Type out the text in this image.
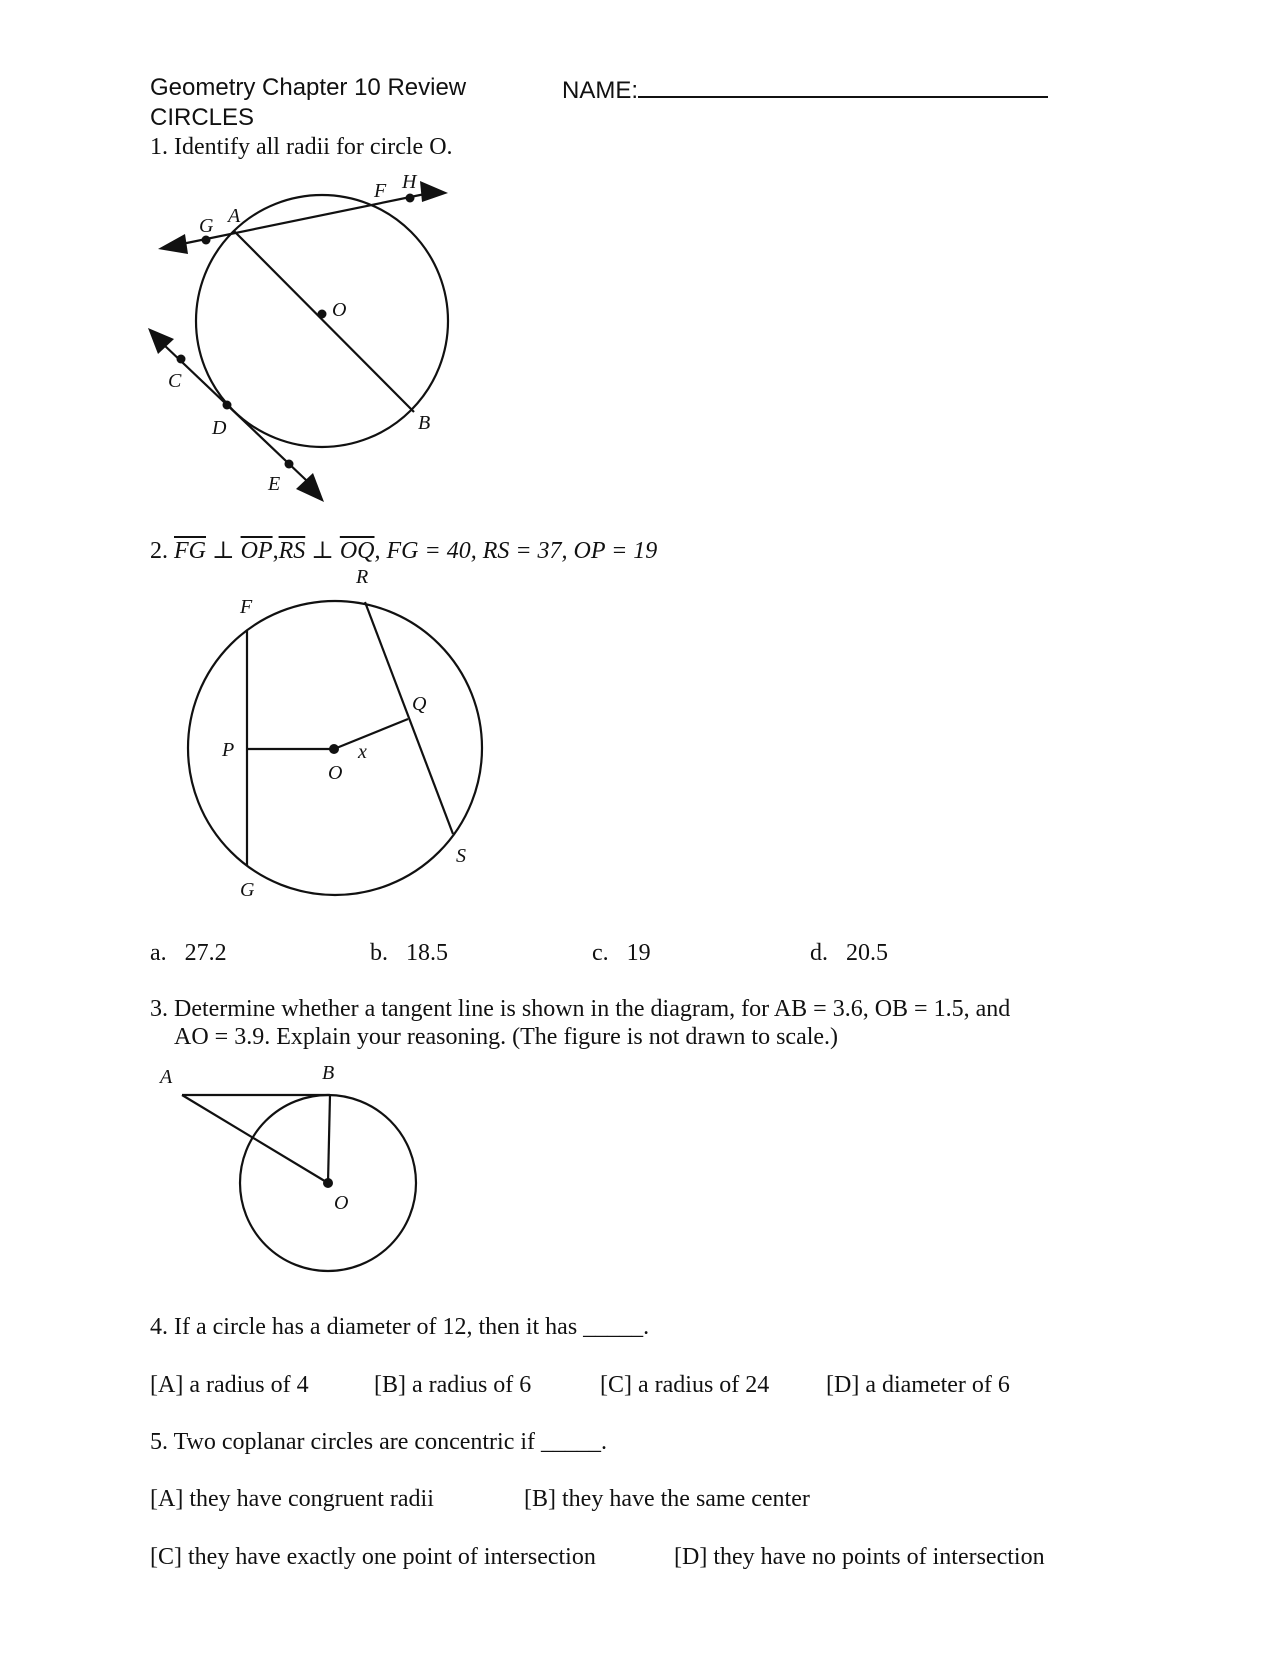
Geometry Chapter 10 Review
CIRCLES
NAME:
1. Identify all radii for circle O.
G A
F H
O
C
D	B
E
2. $\overline{FG}$ ⊥ $\overline{OP},\overline{RS}$ ⊥ $\overline{OQ}$, FG = 40, RS = 37, OP = 19
R
F
Q
P	x
O
S
G
a. 27.2	b. 18.5	c. 19	d. 20.5
3. Determine whether a tangent line is shown in the diagram, for AB = 3.6, OB = 1.5, and
AO = 3.9. Explain your reasoning. (The figure is not drawn to scale.)
A	B
O
4. If a circle has a diameter of 12, then it has _____.
[A] a radius of 4	[B] a radius of 6	[C] a radius of 24 [D] a diameter of 6
5. Two coplanar circles are concentric if _____.
[A] they have congruent radii	[B] they have the same center
[C] they have exactly one point of intersection	[D] they have no points of intersection
